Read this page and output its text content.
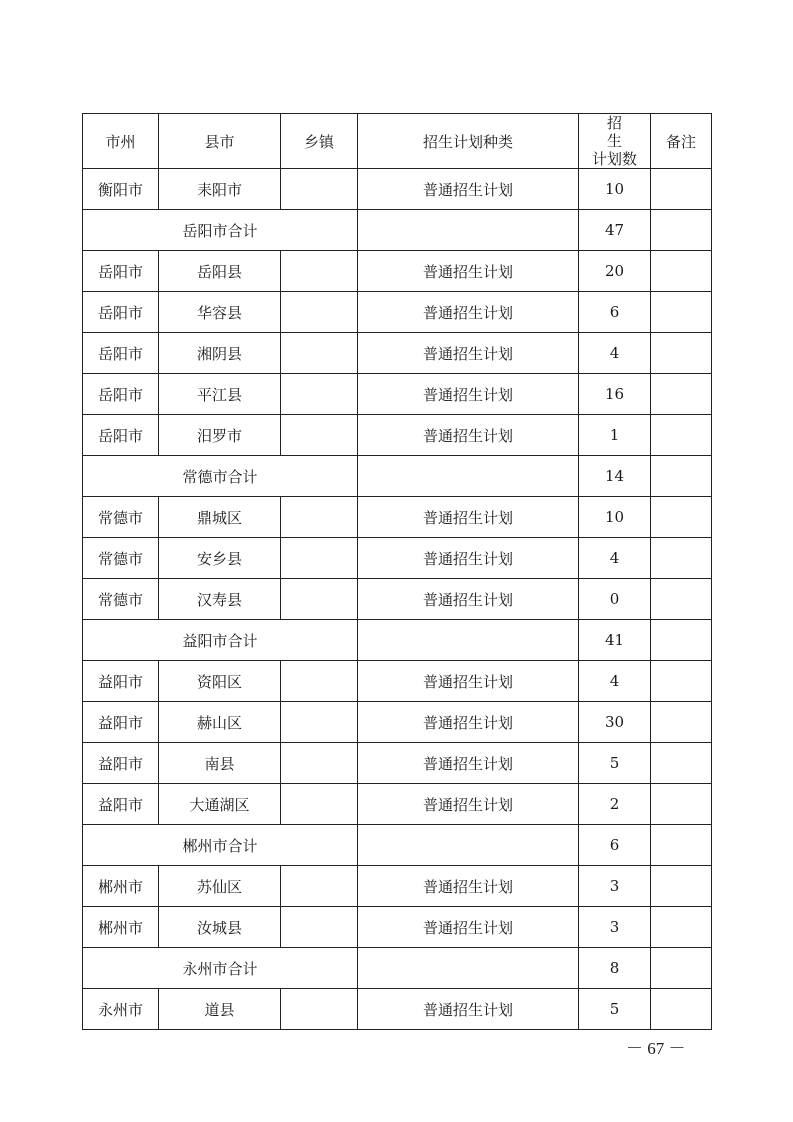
市州	县市	乡镇	招生计划种类	招 生
计划数	备注
衡阳市	耒阳市		普通招生计划	10	
岳阳市合计				47	
岳阳市	岳阳县		普通招生计划	20	
岳阳市	华容县		普通招生计划	6	
岳阳市	湘阴县		普通招生计划	4	
岳阳市	平江县		普通招生计划	16	
岳阳市	汨罗市		普通招生计划	1	
常德市合计				14	
常德市	鼎城区		普通招生计划	10	
常德市	安乡县		普通招生计划	4	
常德市	汉寿县		普通招生计划	0	
益阳市合计				41	
益阳市	资阳区		普通招生计划	4	
益阳市	赫山区		普通招生计划	30	
益阳市	南县		普通招生计划	5	
益阳市	大通湖区		普通招生计划	2	
郴州市合计				6	
郴州市	苏仙区		普通招生计划	3	
郴州市	汝城县		普通招生计划	3	
永州市合计				8	
永州市	道县		普通招生计划	5	
－ 67 －
